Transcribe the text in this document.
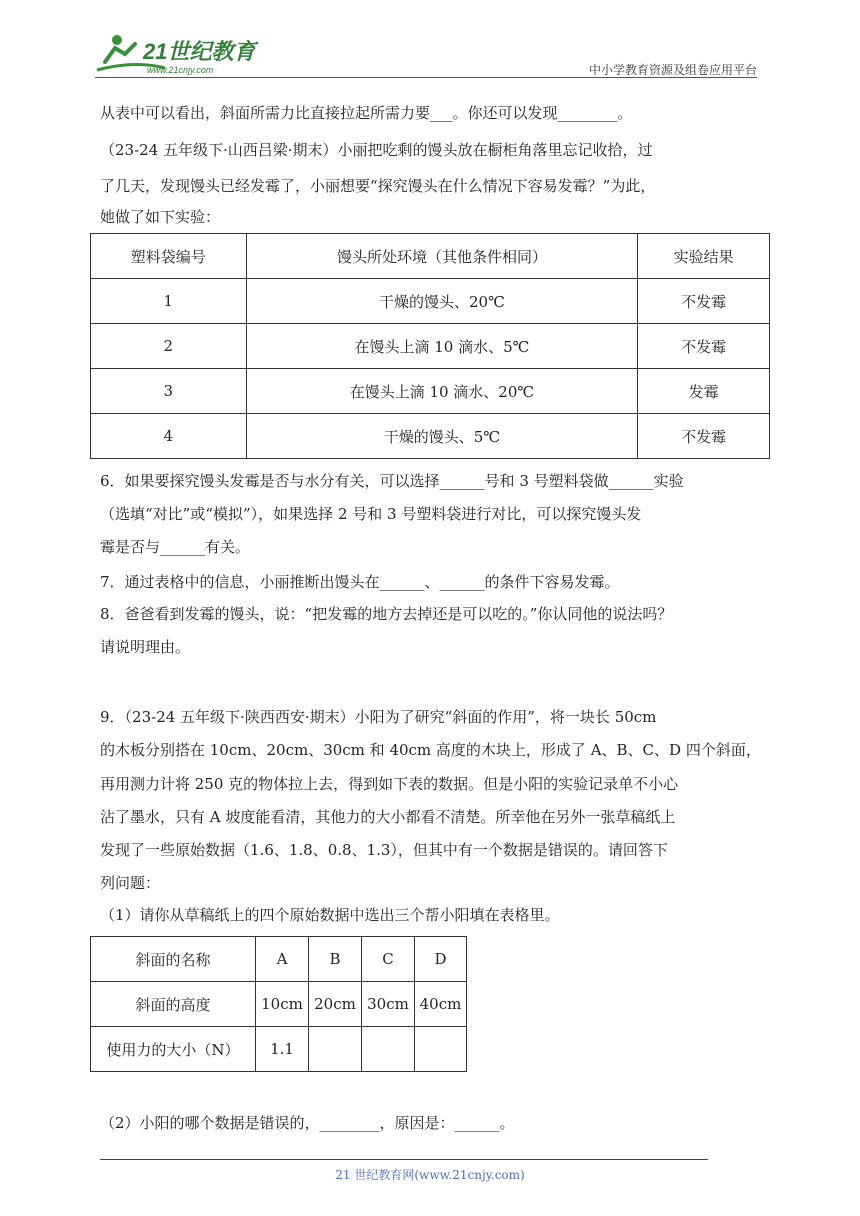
21世纪教育
www.21cnjy.com	中小学教育资源及组卷应用平台
从表中可以看出，斜面所需力比直接拉起所需力要___。你还可以发现________。
（23-24 五年级下·山西吕梁·期末）小丽把吃剩的馒头放在橱柜角落里忘记收拾，过
了几天，发现馒头已经发霉了，小丽想要“探究馒头在什么情况下容易发霉？”为此，
她做了如下实验：
塑料袋编号	馒头所处环境（其他条件相同）	实验结果
1	干燥的馒头、20℃	不发霉
2	在馒头上滴 10 滴水、5℃	不发霉
3	在馒头上滴 10 滴水、20℃	发霉
4	干燥的馒头、5℃	不发霉
6．如果要探究馒头发霉是否与水分有关，可以选择______号和 3 号塑料袋做______实验
（选填“对比”或“模拟”），如果选择 2 号和 3 号塑料袋进行对比，可以探究馒头发
霉是否与______有关。
7．通过表格中的信息，小丽推断出馒头在______、______的条件下容易发霉。
8．爸爸看到发霉的馒头，说：“把发霉的地方去掉还是可以吃的。”你认同他的说法吗？
请说明理由。
9．（23-24 五年级下·陕西西安·期末）小阳为了研究“斜面的作用”，将一块长 50cm
的木板分别搭在 10cm、20cm、30cm 和 40cm 高度的木块上，形成了 A、B、C、D 四个斜面，
再用测力计将 250 克的物体拉上去，得到如下表的数据。但是小阳的实验记录单不小心
沾了墨水，只有 A 坡度能看清，其他力的大小都看不清楚。所幸他在另外一张草稿纸上
发现了一些原始数据（1.6、1.8、0.8、1.3），但其中有一个数据是错误的。请回答下
列问题：
（1）请你从草稿纸上的四个原始数据中选出三个帮小阳填在表格里。
斜面的名称	A	B	C	D
斜面的高度	10cm	20cm	30cm	40cm
使用力的大小（N）	1.1			
（2）小阳的哪个数据是错误的，________，原因是：______。
21 世纪教育网(www.21cnjy.com)
